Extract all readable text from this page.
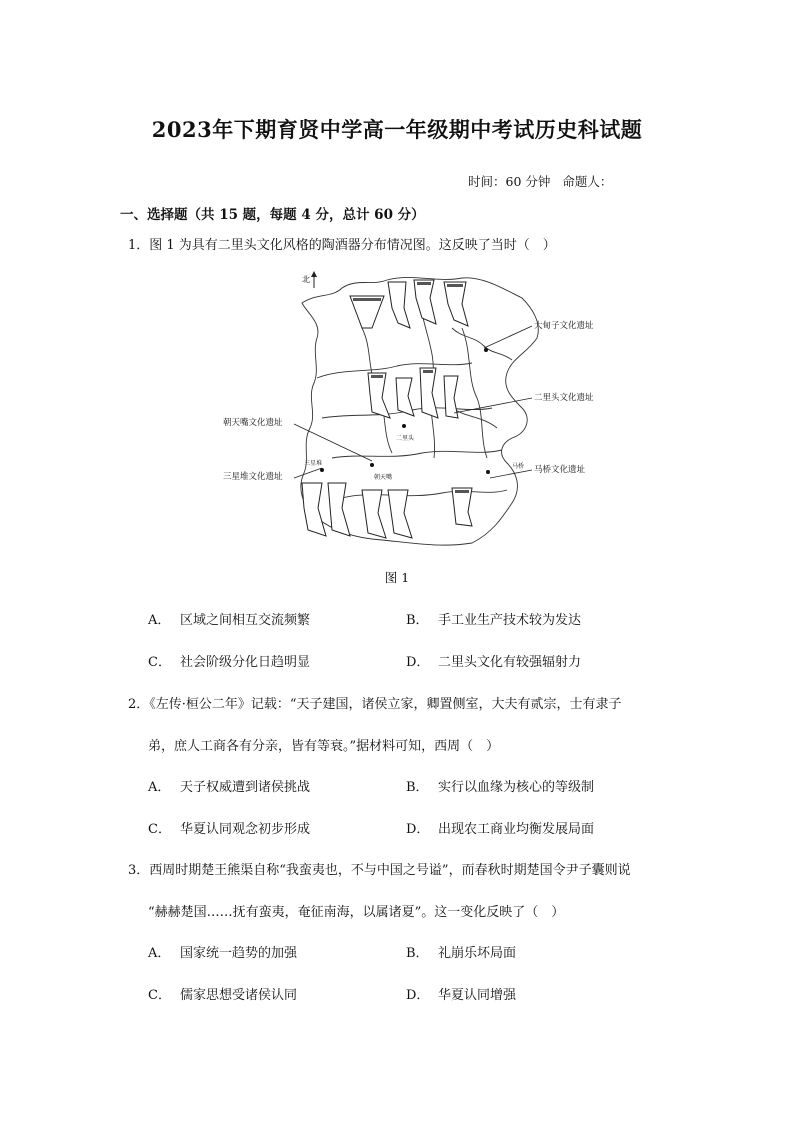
2023年下期育贤中学高一年级期中考试历史科试题
时间：60 分钟 命题人：
一、选择题（共 15 题，每题 4 分，总计 60 分）
1．图 1 为具有二里头文化风格的陶酒器分布情况图。这反映了当时（　）
北
大甸子文化遗址
二里头文化遗址
朝天嘴文化遗址
三星堆文化遗址
马桥文化遗址
二里头
朝天嘴
三星堆	马桥
图 1
A． 区域之间相互交流频繁	B． 手工业生产技术较为发达
C． 社会阶级分化日趋明显	D． 二里头文化有较强辐射力
2．《左传·桓公二年》记载：“天子建国，诸侯立家，卿置侧室，大夫有贰宗，士有隶子
弟，庶人工商各有分亲，皆有等衰。”据材料可知，西周（　）
A． 天子权威遭到诸侯挑战	B． 实行以血缘为核心的等级制
C． 华夏认同观念初步形成	D． 出现农工商业均衡发展局面
3．西周时期楚王熊渠自称“我蛮夷也，不与中国之号谥”，而春秋时期楚国令尹子囊则说
“赫赫楚国……抚有蛮夷，奄征南海，以属诸夏”。这一变化反映了（　）
A． 国家统一趋势的加强	B． 礼崩乐坏局面
C． 儒家思想受诸侯认同	D． 华夏认同增强
